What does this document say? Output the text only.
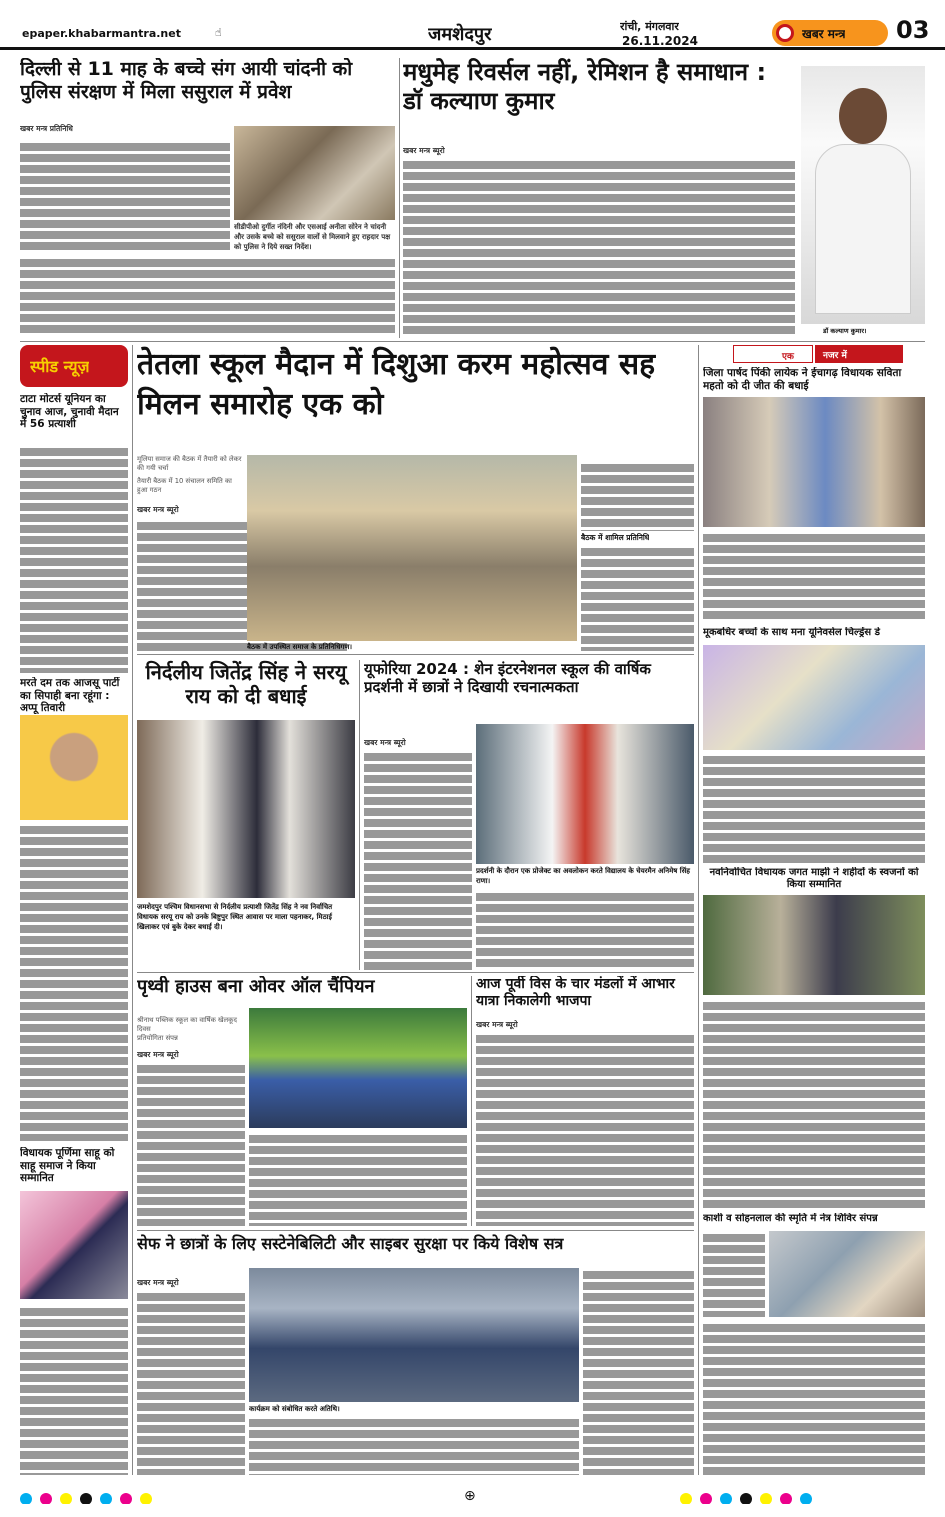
epaper.khabarmantra.net	☝	जमशेदपुर	रांची, मंगलवार
26.11.2024	खबर मन्त्र 03
दिल्ली से 11 माह के बच्चे संग आयी चांदनी को पुलिस संरक्षण में मिला ससुराल में प्रवेश
खबर मन्त्र प्रतिनिधि
सीडीपीओ दुर्गीत नंदिनी और एसआई अनीता सोरेन ने चांदनी और उसके बच्चे को ससुराल वालों से मिलवाने हुए राह़दार पक्ष को पुलिस ने दिये सख्त निर्देश।
मधुमेह रिवर्सल नहीं, रेमिशन है समाधान : डॉ कल्याण कुमार
खबर मन्त्र ब्यूरो
डॉ कल्याण कुमार।
स्पीड न्यूज़
टाटा मोटर्स यूनियन का चुनाव आज, चुनावी मैदान में 56 प्रत्याशी
मरते दम तक आजसू पार्टी का सिपाही बना रहूंगा : अप्पू तिवारी
विधायक पूर्णिमा साहू को साहू समाज ने किया सम्मानित
तेतला स्कूल मैदान में दिशुआ करम महोत्सव सह मिलन समारोह एक को
मूलिया समाज की बैठक में तैयारी को लेकर की गयी चर्चा
तैयारी बैठक में 10 संचालन समिति का हुआ गठन
खबर मन्त्र ब्यूरो
बैठक में उपस्थित समाज के प्रतिनिधिगण।
बैठक में शामिल प्रतिनिधि
एक	नजर में
जिला पार्षद पिंकी लायेक ने ईचागढ़ विधायक सविता महतो को दी जीत की बधाई
मूकबधिर बच्चों के साथ मना यूनिवर्सल चिल्ड्रेंस डे
नवनिर्वाचित विधायक जगत माझी ने शहीदों के स्वजनों को किया सम्मानित
काशी व सोहनलाल की स्मृति में नेत्र शिविर संपन्न
निर्दलीय जितेंद्र सिंह ने सरयू राय को दी बधाई
जमशेदपुर पश्चिम विधानसभा से निर्दलीय प्रत्याशी जितेंद्र सिंह ने नव निर्वाचित विधायक सरयू राय को उनके बिष्टुपुर स्थित आवास पर माला पहनाकर, मिठाई खिलाकर एवं बुके देकर बधाई दी।
यूफोरिया 2024 : शेन इंटरनेशनल स्कूल की वार्षिक प्रदर्शनी में छात्रों ने दिखायी रचनात्मकता
खबर मन्त्र ब्यूरो
प्रदर्शनी के दौरान एक प्रोजेक्ट का अवलोकन करते विद्यालय के चेयरमैन अनिमेष सिंह राणा।
पृथ्वी हाउस बना ओवर ऑल चैंपियन
श्रीनाथ पब्लिक स्कूल का वार्षिक खेलकूद दिवस
प्रतियोगिता संपन्न
खबर मन्त्र ब्यूरो
आज पूर्वी विस के चार मंडलों में आभार यात्रा निकालेगी भाजपा
खबर मन्त्र ब्यूरो
सेफ ने छात्रों के लिए सस्टेनेबिलिटी और साइबर सुरक्षा पर किये विशेष सत्र
खबर मन्त्र ब्यूरो
कार्यक्रम को संबोधित करते अतिथि।
⊕
